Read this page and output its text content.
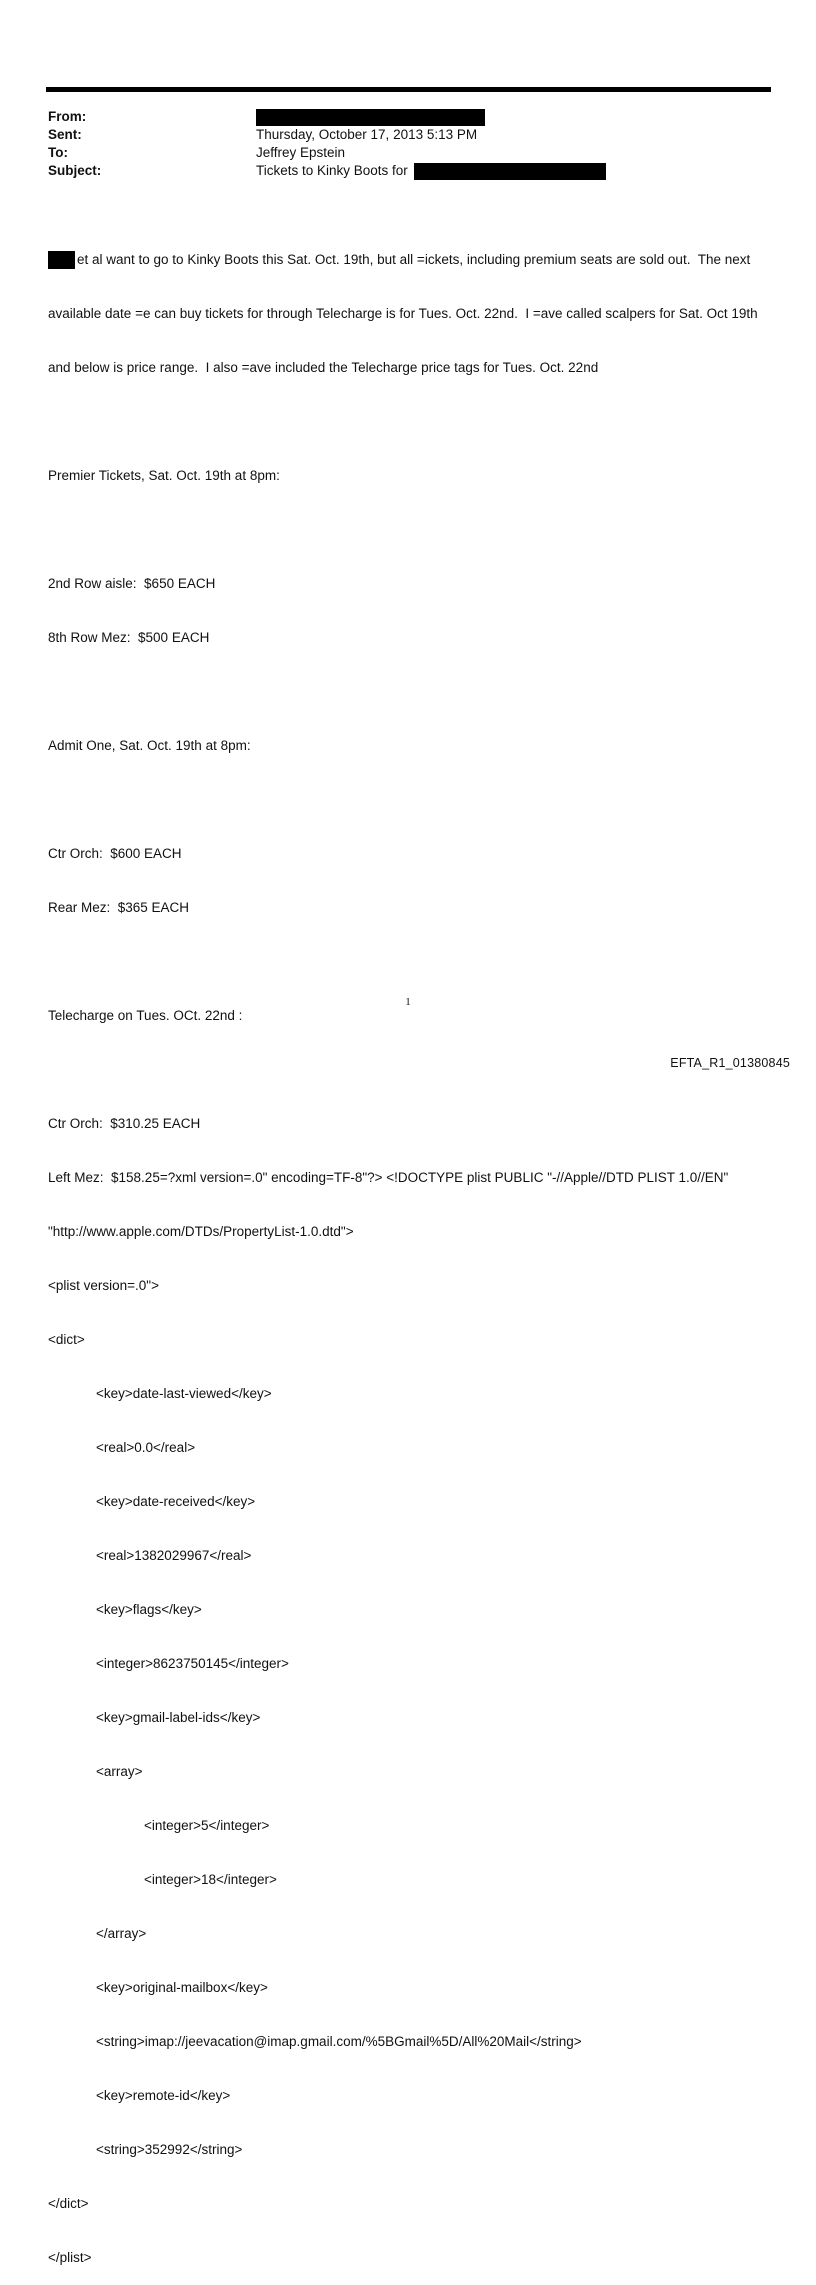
From:
Sent:	Thursday, October 17, 2013 5:13 PM
To:	Jeffrey Epstein
Subject:	Tickets to Kinky Boots for

et al want to go to Kinky Boots this Sat. Oct. 19th, but all =ickets, including premium seats are sold out.  The next

available date =e can buy tickets for through Telecharge is for Tues. Oct. 22nd.  I =ave called scalpers for Sat. Oct 19th

and below is price range.  I also =ave included the Telecharge price tags for Tues. Oct. 22nd

Premier Tickets, Sat. Oct. 19th at 8pm:

2nd Row aisle:  $650 EACH

8th Row Mez:  $500 EACH

Admit One, Sat. Oct. 19th at 8pm:

Ctr Orch:  $600 EACH

Rear Mez:  $365 EACH

Telecharge on Tues. OCt. 22nd :

Ctr Orch:  $310.25 EACH

Left Mez:  $158.25=?xml version=.0" encoding=TF-8"?> <!DOCTYPE plist PUBLIC "-//Apple//DTD PLIST 1.0//EN"

"http://www.apple.com/DTDs/PropertyList-1.0.dtd">

<plist version=.0">

<dict>

<key>date-last-viewed</key>

<real>0.0</real>

<key>date-received</key>

<real>1382029967</real>

<key>flags</key>

<integer>8623750145</integer>

<key>gmail-label-ids</key>

<array>

<integer>5</integer>

<integer>18</integer>

</array>

<key>original-mailbox</key>

<string>imap://jeevacation@imap.gmail.com/%5BGmail%5D/All%20Mail</string>

<key>remote-id</key>

<string>352992</string>

</dict>

</plist>

1
EFTA_R1_01380845
